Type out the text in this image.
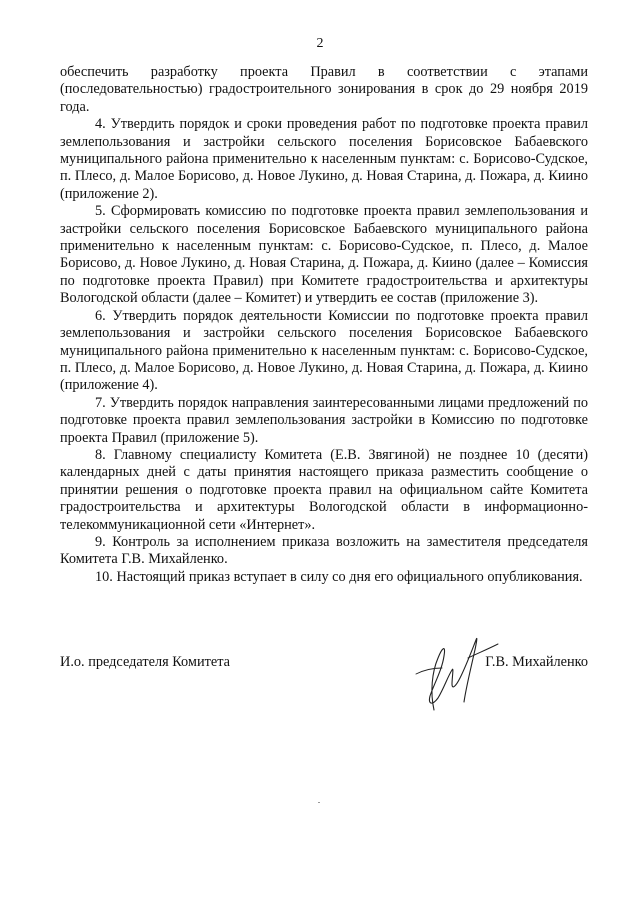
2

обеспечить разработку проекта Правил в соответствии с этапами (последовательностью) градостроительного зонирования в срок до 29 ноября 2019 года.

4. Утвердить порядок и сроки проведения работ по подготовке проекта правил землепользования и застройки сельского поселения Борисовское Бабаевского муниципального района применительно к населенным пунктам: с. Борисово-Судское, п. Плесо, д. Малое Борисово, д. Новое Лукино, д. Новая Старина, д. Пожара, д. Киино (приложение 2).

5. Сформировать комиссию по подготовке проекта правил землепользования и застройки сельского поселения Борисовское Бабаевского муниципального района применительно к населенным пунктам: с. Борисово-Судское, п. Плесо, д. Малое Борисово, д. Новое Лукино, д. Новая Старина, д. Пожара, д. Киино (далее – Комиссия по подготовке проекта Правил) при Комитете градостроительства и архитектуры Вологодской области (далее – Комитет) и утвердить ее состав (приложение 3).

6. Утвердить порядок деятельности Комиссии по подготовке проекта правил землепользования и застройки сельского поселения Борисовское Бабаевского муниципального района применительно к населенным пунктам: с. Борисово-Судское, п. Плесо, д. Малое Борисово, д. Новое Лукино, д. Новая Старина, д. Пожара, д. Киино (приложение 4).

7. Утвердить порядок направления заинтересованными лицами предложений по подготовке проекта правил землепользования застройки в Комиссию по подготовке проекта Правил (приложение 5).

8. Главному специалисту Комитета (Е.В. Звягиной) не позднее 10 (десяти) календарных дней с даты принятия настоящего приказа разместить сообщение о принятии решения о подготовке проекта правил на официальном сайте Комитета градостроительства и архитектуры Вологодской области в информационно-телекоммуникационной сети «Интернет».

9. Контроль за исполнением приказа возложить на заместителя председателя Комитета Г.В. Михайленко.

10. Настоящий приказ вступает в силу со дня его официального опубликования.

И.о. председателя Комитета	Г.В. Михайленко
